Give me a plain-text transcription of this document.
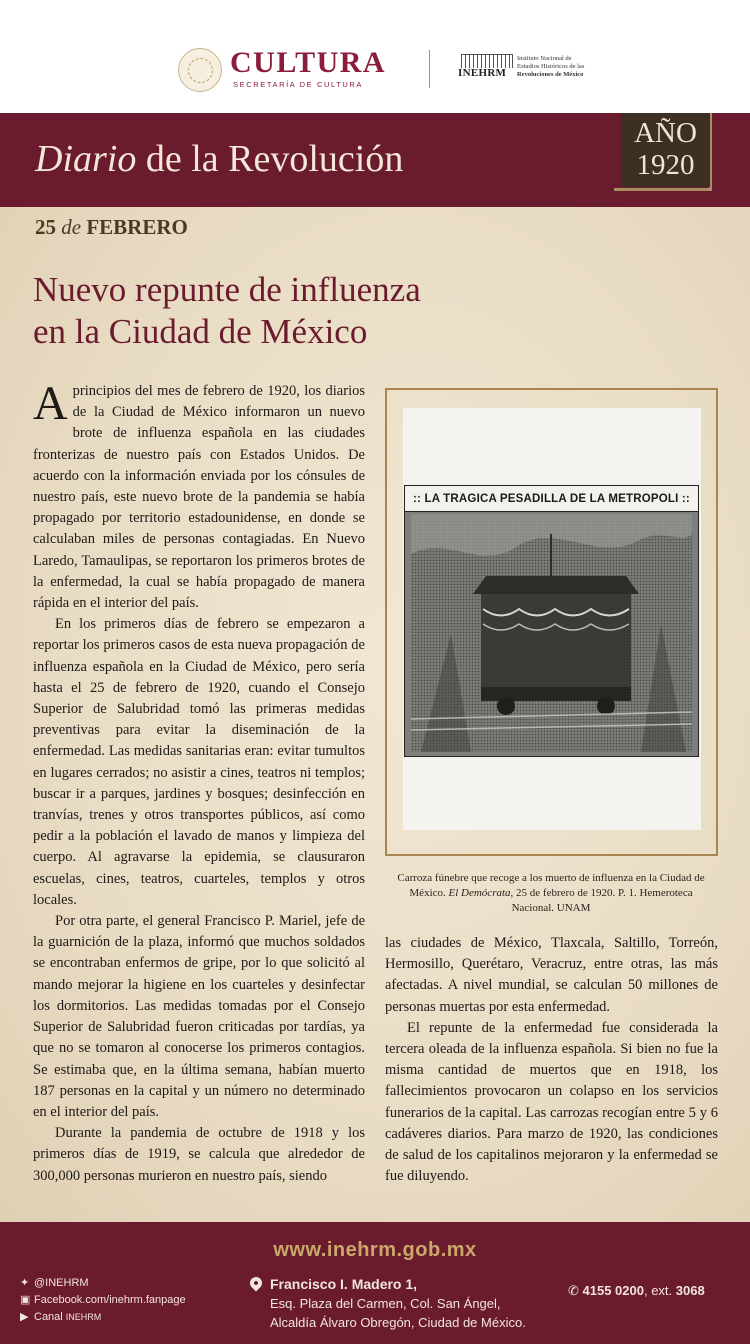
CULTURA
SECRETARÍA DE CULTURA
INEHRM
Instituto Nacional de
Estudios Históricos de las
Revoluciones de México
Diario de la Revolución
AÑO
1920
25 de FEBRERO
Nuevo repunte de influenza
en la Ciudad de México

Aprincipios del mes de febrero de 1920, los diarios de la Ciudad de México informaron un nuevo brote de influenza española en las ciudades fronterizas de nuestro país con Estados Unidos. De acuerdo con la información enviada por los cónsules de nuestro país, este nuevo brote de la pandemia se había propagado por territorio estadounidense, en donde se calculaban miles de personas contagiadas. En Nuevo Laredo, Tamaulipas, se reportaron los primeros brotes de la enfermedad, la cual se había propagado de manera rápida en el interior del país.

En los primeros días de febrero se empezaron a reportar los primeros casos de esta nueva propagación de influenza española en la Ciudad de México, pero sería hasta el 25 de febrero de 1920, cuando el Consejo Superior de Salubridad tomó las primeras medidas preventivas para evitar la diseminación de la enfermedad. Las medidas sanitarias eran: evitar tumultos en lugares cerrados; no asistir a cines, teatros ni templos; buscar ir a parques, jardines y bosques; desinfección en tranvías, trenes y otros transportes públicos, así como pedir a la población el lavado de manos y limpieza del cuerpo. Al agravarse la epidemia, se clausuraron escuelas, cines, teatros, cuarteles, templos y otros locales.

Por otra parte, el general Francisco P. Mariel, jefe de la guarnición de la plaza, informó que muchos soldados se encontraban enfermos de gripe, por lo que solicitó al mando mejorar la higiene en los cuarteles y desinfectar los dormitorios. Las medidas tomadas por el Consejo Superior de Salubridad fueron criticadas por tardías, ya que no se tomaron al conocerse los primeros contagios. Se estimaba que, en la última semana, habían muerto 187 personas en la capital y un número no determinado en el interior del país.

Durante la pandemia de octubre de 1918 y los primeros días de 1919, se calcula que alrededor de 300,000 personas murieron en nuestro país, siendo

:: LA TRAGICA PESADILLA DE LA METROPOLI ::
Carroza fúnebre que recoge a los muerto de influenza en la Ciudad de México. El Demócrata, 25 de febrero de 1920. P. 1. Hemeroteca Nacional. UNAM

las ciudades de México, Tlaxcala, Saltillo, Torreón, Hermosillo, Querétaro, Veracruz, entre otras, las más afectadas. A nivel mundial, se calculan 50 millones de personas muertas por esta enfermedad.

El repunte de la enfermedad fue considerada la tercera oleada de la influenza española. Si bien no fue la misma cantidad de muertos que en 1918, los fallecimientos provocaron un colapso en los servicios funerarios de la capital. Las carrozas recogían entre 5 y 6 cadáveres diarios. Para marzo de 1920, las condiciones de salud de los capitalinos mejoraron y la enfermedad se fue diluyendo.

www.inehrm.gob.mx
✦ @INEHRM
▣ Facebook.com/inehrm.fanpage
▶ Canal INEHRM
Francisco I. Madero 1,
Esq. Plaza del Carmen, Col. San Ángel,
Alcaldía Álvaro Obregón, Ciudad de México.
✆ 4155 0200, ext. 3068
